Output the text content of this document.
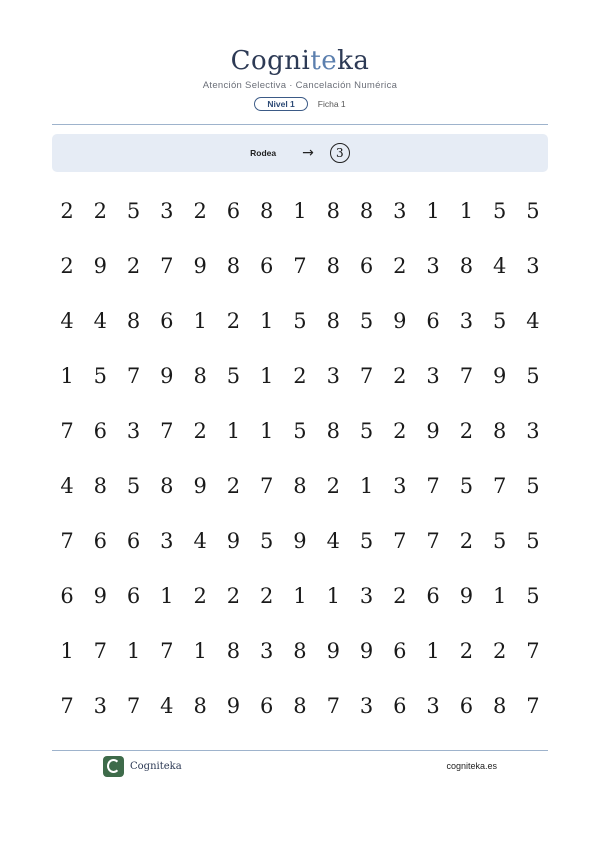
Cogniteka
Atención Selectiva · Cancelación Numérica
Nivel 1	Ficha 1
Rodea →	3
2 2 5 3 2 6 8 1 8 8 3 1 1 5 5
2 9 2 7 9 8 6 7 8 6 2 3 8 4 3
4 4 8 6 1 2 1 5 8 5 9 6 3 5 4
1 5 7 9 8 5 1 2 3 7 2 3 7 9 5
7 6 3 7 2 1 1 5 8 5 2 9 2 8 3
4 8 5 8 9 2 7 8 2 1 3 7 5 7 5
7 6 6 3 4 9 5 9 4 5 7 7 2 5 5
6 9 6 1 2 2 2 1 1 3 2 6 9 1 5
1 7 1 7 1 8 3 8 9 9 6 1 2 2 7
7 3 7 4 8 9 6 8 7 3 6 3 6 8 7
Cogniteka	cogniteka.es
